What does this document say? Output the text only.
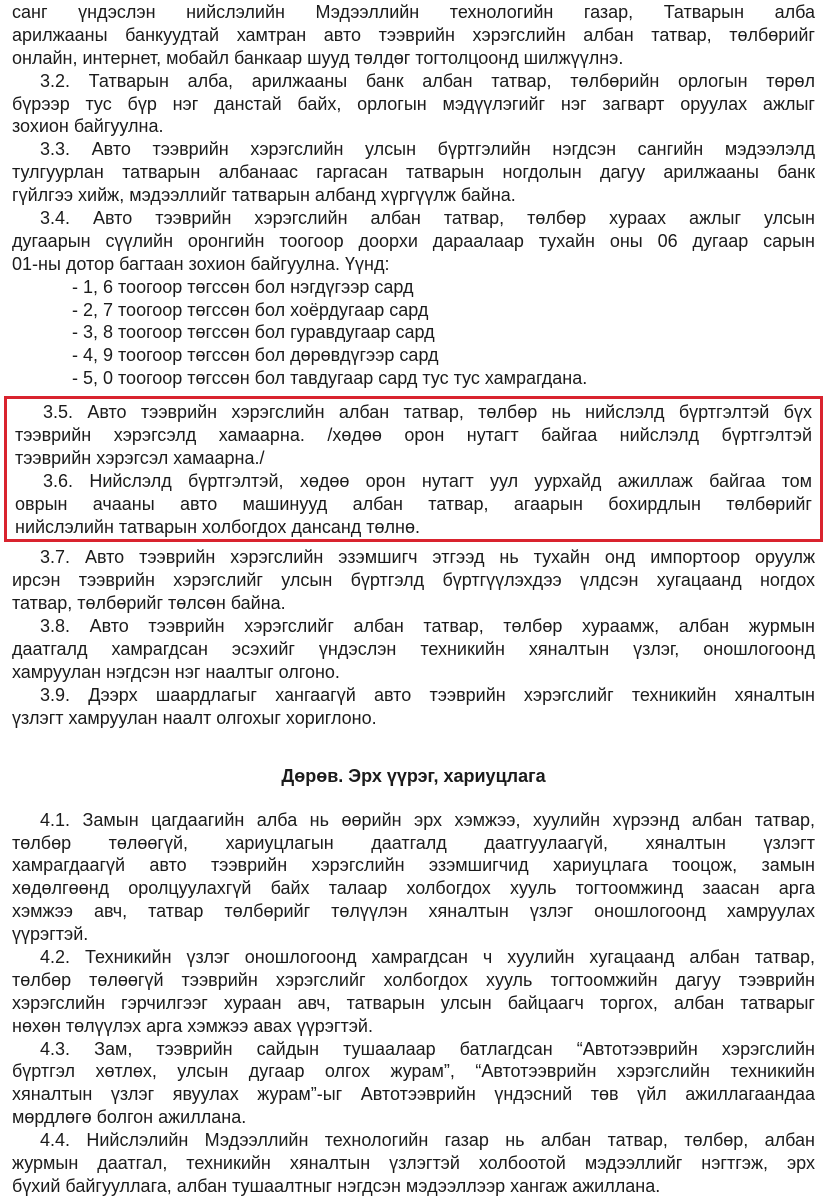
санг үндэслэн нийслэлийн Мэдээллийн технологийн газар, Татварын алба
арилжааны банкуудтай хамтран авто тээврийн хэрэгслийн албан татвар, төлбөрийг
онлайн, интернет, мобайл банкаар шууд төлдөг тогтолцоонд шилжүүлнэ.
3.2. Татварын алба, арилжааны банк албан татвар, төлбөрийн орлогын төрөл
бүрээр тус бүр нэг данстай байх, орлогын мэдүүлэгийг нэг загварт оруулах ажлыг
зохион байгуулна.
3.3. Авто тээврийн хэрэгслийн улсын бүртгэлийн нэгдсэн сангийн мэдээлэлд
тулгуурлан татварын албанаас гаргасан татварын ногдолын дагуу арилжааны банк
гүйлгээ хийж, мэдээллийг татварын албанд хүргүүлж байна.
3.4. Авто тээврийн хэрэгслийн албан татвар, төлбөр хураах ажлыг улсын
дугаарын сүүлийн оронгийн тоогоор доорхи дараалаар тухайн оны 06 дугаар сарын
01-ны дотор багтаан зохион байгуулна. Үүнд:
- 1, 6 тоогоор төгссөн бол нэгдүгээр сард
- 2, 7 тоогоор төгссөн бол хоёрдугаар сард
- 3, 8 тоогоор төгссөн бол гуравдугаар сард
- 4, 9 тоогоор төгссөн бол дөрөвдүгээр сард
- 5, 0 тоогоор төгссөн бол тавдугаар сард тус тус хамрагдана.
3.5. Авто тээврийн хэрэгслийн албан татвар, төлбөр нь нийслэлд бүртгэлтэй бүх
тээврийн хэрэгсэлд хамаарна. /хөдөө орон нутагт байгаа нийслэлд бүртгэлтэй
тээврийн хэрэгсэл хамаарна./
3.6. Нийслэлд бүртгэлтэй, хөдөө орон нутагт уул уурхайд ажиллаж байгаа том
оврын ачааны авто машинууд албан татвар, агаарын бохирдлын төлбөрийг
нийслэлийн татварын холбогдох дансанд төлнө.
3.7. Авто тээврийн хэрэгслийн эзэмшигч этгээд нь тухайн онд импортоор оруулж
ирсэн тээврийн хэрэгслийг улсын бүртгэлд бүртгүүлэхдээ үлдсэн хугацаанд ногдох
татвар, төлбөрийг төлсөн байна.
3.8. Авто тээврийн хэрэгслийг албан татвар, төлбөр хураамж, албан журмын
даатгалд хамрагдсан эсэхийг үндэслэн техникийн хяналтын үзлэг, оношлогоонд
хамруулан нэгдсэн нэг наалтыг олгоно.
3.9. Дээрх шаардлагыг хангаагүй авто тээврийн хэрэгслийг техникийн хяналтын
үзлэгт хамруулан наалт олгохыг хориглоно.
Дөрөв. Эрх үүрэг, хариуцлага
4.1. Замын цагдаагийн алба нь өөрийн эрх хэмжээ, хуулийн хүрээнд албан татвар,
төлбөр төлөөгүй, хариуцлагын даатгалд даатгуулаагүй, хяналтын үзлэгт
хамрагдаагүй авто тээврийн хэрэгслийн эзэмшигчид хариуцлага тооцож, замын
хөдөлгөөнд оролцуулахгүй байх талаар холбогдох хууль тогтоомжинд заасан арга
хэмжээ авч, татвар төлбөрийг төлүүлэн хяналтын үзлэг оношлогоонд хамруулах
үүрэгтэй.
4.2. Техникийн үзлэг оношлогоонд хамрагдсан ч хуулийн хугацаанд албан татвар,
төлбөр төлөөгүй тээврийн хэрэгслийг холбогдох хууль тогтоомжийн дагуу тээврийн
хэрэгслийн гэрчилгээг хураан авч, татварын улсын байцаагч торгох, албан татварыг
нөхөн төлүүлэх арга хэмжээ авах үүрэгтэй.
4.3. Зам, тээврийн сайдын тушаалаар батлагдсан “Автотээврийн хэрэгслийн
бүртгэл хөтлөх, улсын дугаар олгох журам”, “Автотээврийн хэрэгслийн техникийн
хяналтын үзлэг явуулах журам”-ыг Автотээврийн үндэсний төв үйл ажиллагаандаа
мөрдлөгө болгон ажиллана.
4.4. Нийслэлийн Мэдээллийн технологийн газар нь албан татвар, төлбөр, албан
журмын даатгал, техникийн хяналтын үзлэгтэй холбоотой мэдээллийг нэгтгэж, эрх
бүхий байгууллага, албан тушаалтныг нэгдсэн мэдээллээр хангаж ажиллана.
